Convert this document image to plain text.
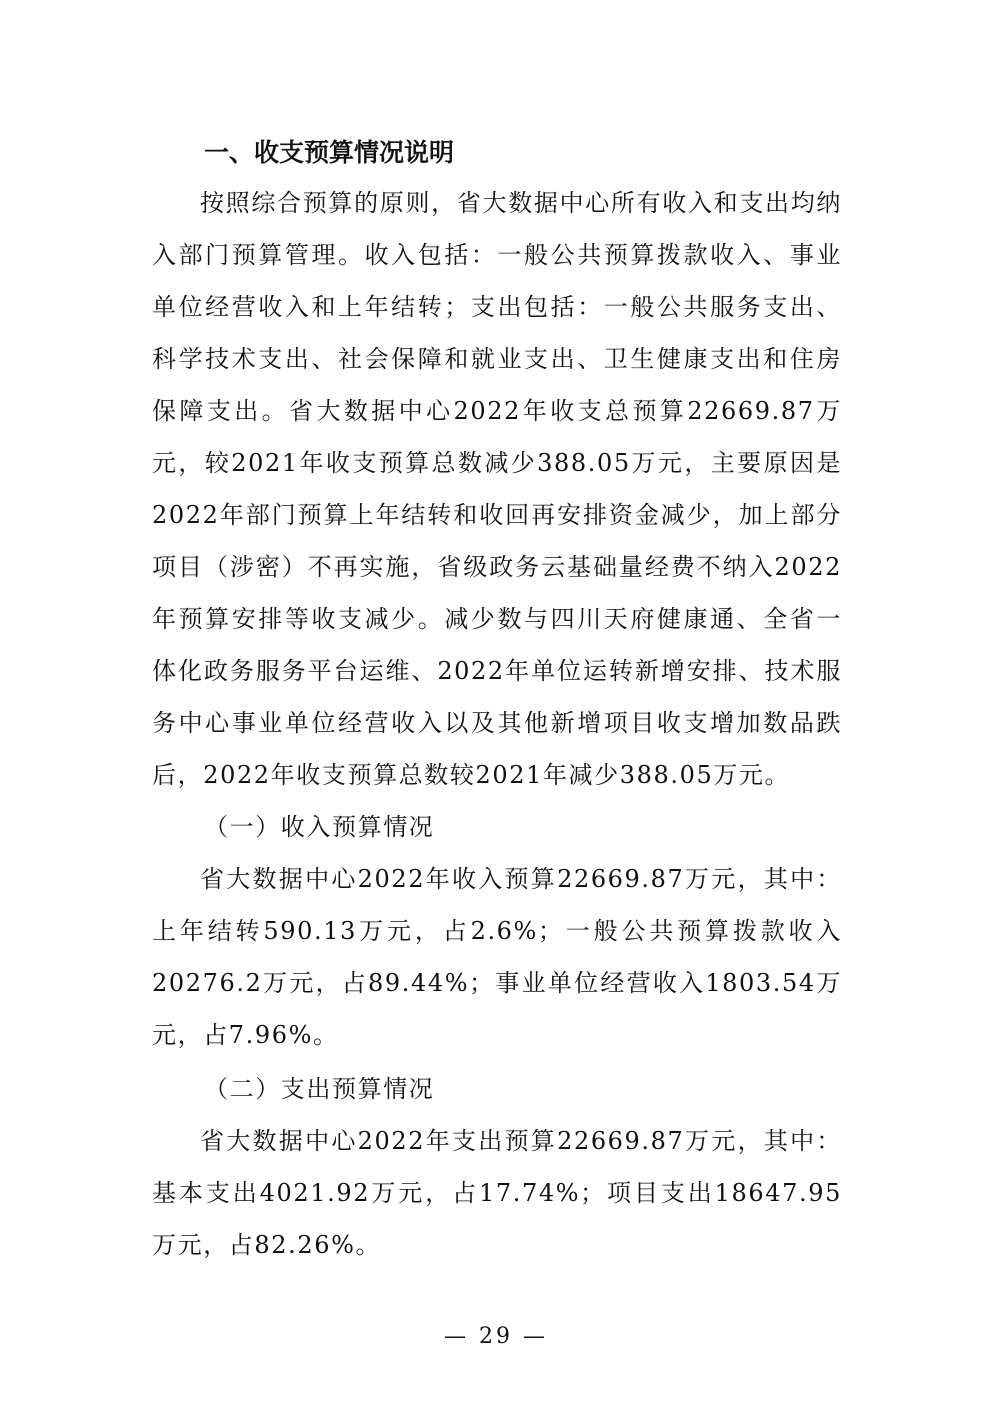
一、收支预算情况说明

按照综合预算的原则，省大数据中心所有收入和支出均纳入部门预算管理。收入包括：一般公共预算拨款收入、事业单位经营收入和上年结转；支出包括：一般公共服务支出、科学技术支出、社会保障和就业支出、卫生健康支出和住房保障支出。省大数据中心2022年收支总预算22669.87万元，较2021年收支预算总数减少388.05万元，主要原因是2022年部门预算上年结转和收回再安排资金减少，加上部分项目（涉密）不再实施，省级政务云基础量经费不纳入2022年预算安排等收支减少。减少数与四川天府健康通、全省一体化政务服务平台运维、2022年单位运转新增安排、技术服务中心事业单位经营收入以及其他新增项目收支增加数品跌后，2022年收支预算总数较2021年减少388.05万元。

（一）收入预算情况

省大数据中心2022年收入预算22669.87万元，其中：上年结转590.13万元，占2.6%；一般公共预算拨款收入20276.2万元，占89.44%；事业单位经营收入1803.54万元，占7.96%。

（二）支出预算情况

省大数据中心2022年支出预算22669.87万元，其中：基本支出4021.92万元，占17.74%；项目支出18647.95万元，占82.26%。

— 29 —
